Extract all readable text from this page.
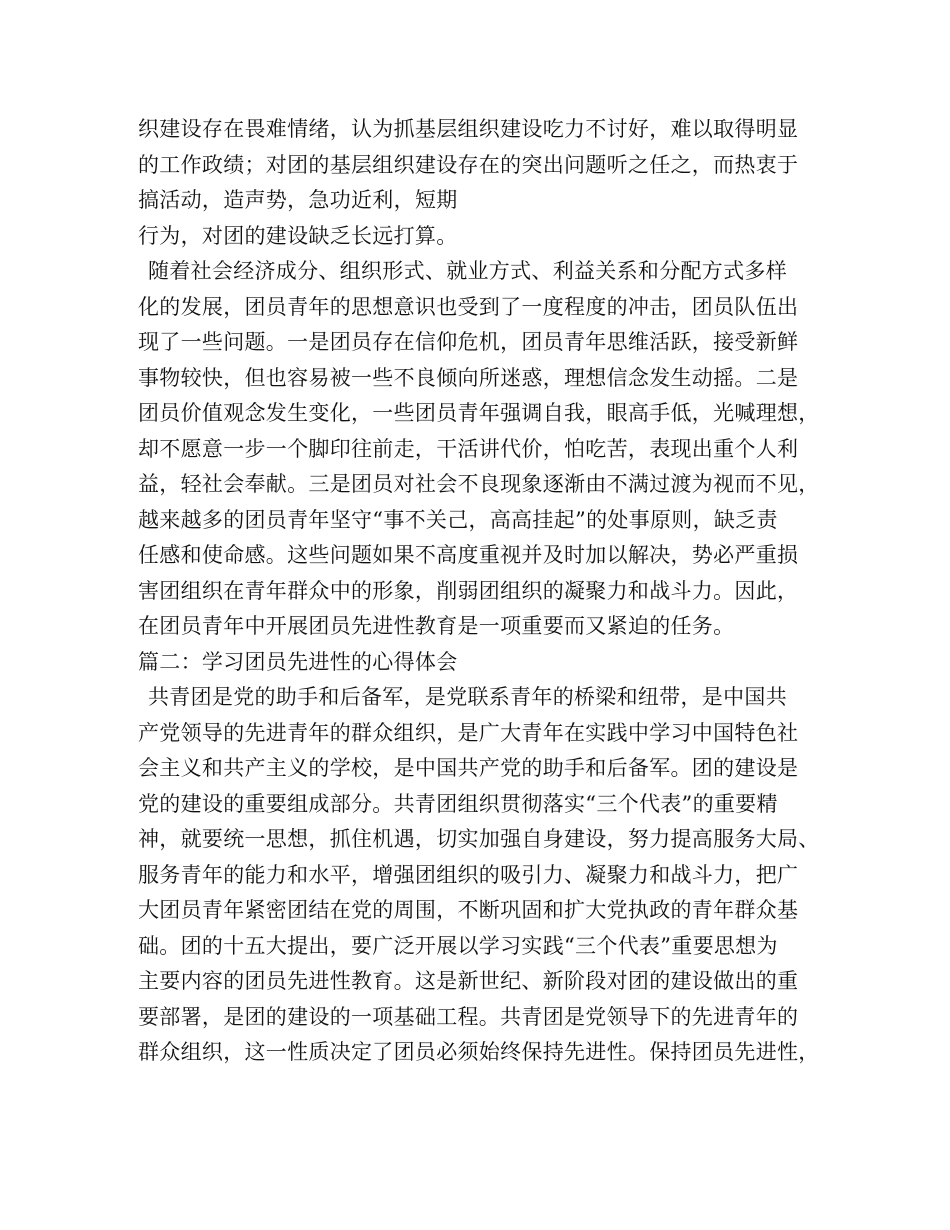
织建设存在畏难情绪，认为抓基层组织建设吃力不讨好，难以取得明显
的工作政绩；对团的基层组织建设存在的突出问题听之任之，而热衷于
搞活动，造声势，急功近利，短期
行为，对团的建设缺乏长远打算。
随着社会经济成分、组织形式、就业方式、利益关系和分配方式多样
化的发展，团员青年的思想意识也受到了一度程度的冲击，团员队伍出
现了一些问题。一是团员存在信仰危机，团员青年思维活跃，接受新鲜
事物较快，但也容易被一些不良倾向所迷惑，理想信念发生动摇。二是
团员价值观念发生变化，一些团员青年强调自我，眼高手低，光喊理想，
却不愿意一步一个脚印往前走，干活讲代价，怕吃苦，表现出重个人利
益，轻社会奉献。三是团员对社会不良现象逐渐由不满过渡为视而不见，
越来越多的团员青年坚守“事不关己，高高挂起”的处事原则，缺乏责
任感和使命感。这些问题如果不高度重视并及时加以解决，势必严重损
害团组织在青年群众中的形象，削弱团组织的凝聚力和战斗力。因此，
在团员青年中开展团员先进性教育是一项重要而又紧迫的任务。
篇二：学习团员先进性的心得体会
共青团是党的助手和后备军，是党联系青年的桥梁和纽带，是中国共
产党领导的先进青年的群众组织，是广大青年在实践中学习中国特色社
会主义和共产主义的学校，是中国共产党的助手和后备军。团的建设是
党的建设的重要组成部分。共青团组织贯彻落实“三个代表”的重要精
神，就要统一思想，抓住机遇，切实加强自身建设，努力提高服务大局、
服务青年的能力和水平，增强团组织的吸引力、凝聚力和战斗力，把广
大团员青年紧密团结在党的周围，不断巩固和扩大党执政的青年群众基
础。团的十五大提出，要广泛开展以学习实践“三个代表”重要思想为
主要内容的团员先进性教育。这是新世纪、新阶段对团的建设做出的重
要部署，是团的建设的一项基础工程。共青团是党领导下的先进青年的
群众组织，这一性质决定了团员必须始终保持先进性。保持团员先进性，
